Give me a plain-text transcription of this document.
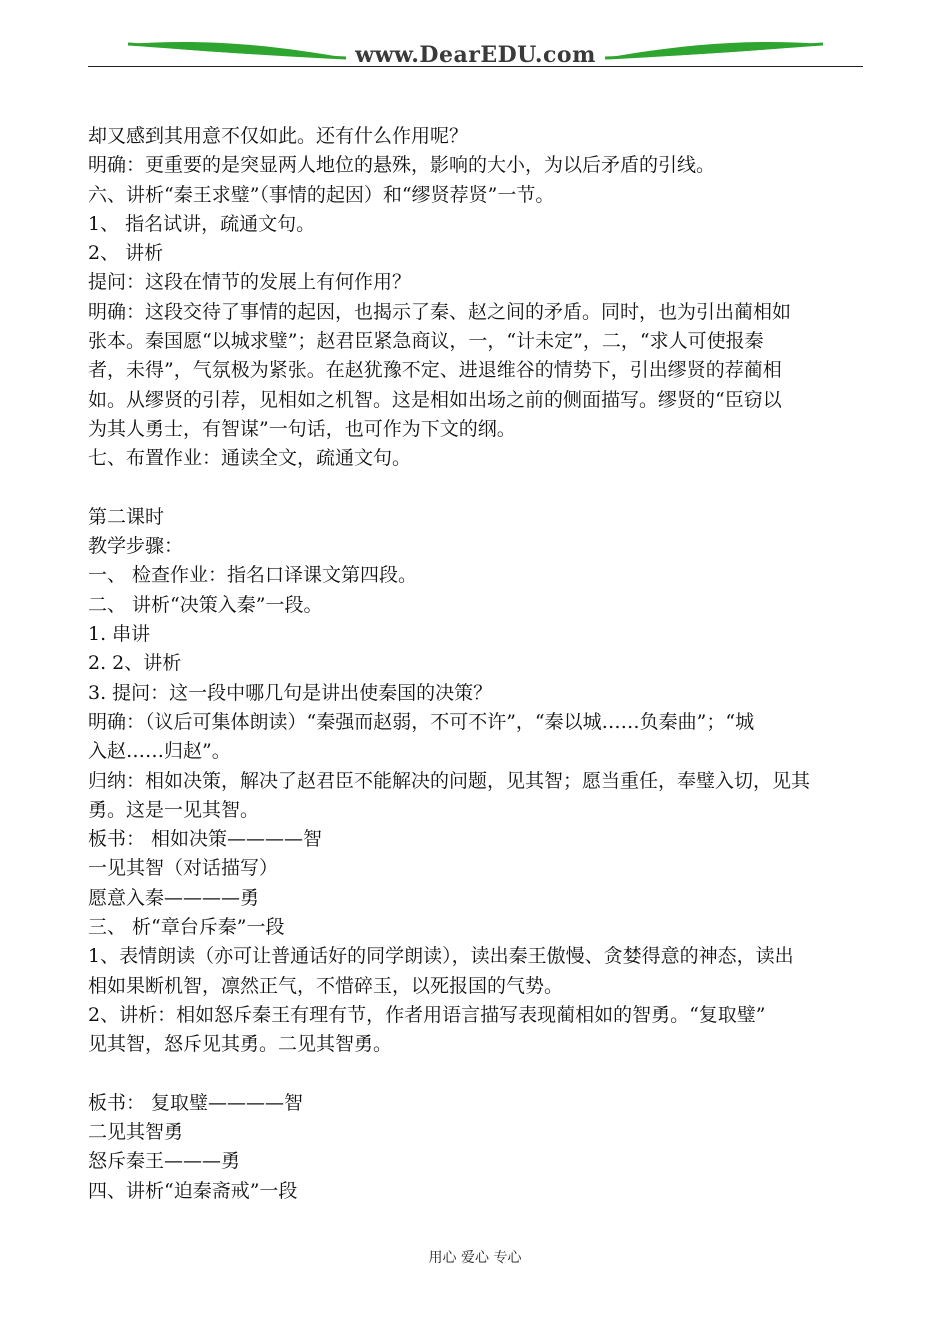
www.DearEDU.com
却又感到其用意不仅如此。还有什么作用呢？
明确：更重要的是突显两人地位的悬殊，影响的大小，为以后矛盾的引线。
六、讲析“秦王求璧”（事情的起因）和“缪贤荐贤”一节。
1、 指名试讲，疏通文句。
2、 讲析
提问：这段在情节的发展上有何作用？
明确：这段交待了事情的起因，也揭示了秦、赵之间的矛盾。同时，也为引出蔺相如
张本。秦国愿“以城求璧”；赵君臣紧急商议，一，“计未定”，二，“求人可使报秦
者，未得”，气氛极为紧张。在赵犹豫不定、进退维谷的情势下，引出缪贤的荐蔺相
如。从缪贤的引荐，见相如之机智。这是相如出场之前的侧面描写。缪贤的“臣窃以
为其人勇士，有智谋”一句话，也可作为下文的纲。
七、布置作业：通读全文，疏通文句。
第二课时
教学步骤：
一、 检查作业：指名口译课文第四段。
二、 讲析“决策入秦”一段。
1. 串讲
2. 2、讲析
3. 提问：这一段中哪几句是讲出使秦国的决策？
明确：（议后可集体朗读）“秦强而赵弱，不可不许”，“秦以城……负秦曲”；“城
入赵……归赵”。
归纳：相如决策，解决了赵君臣不能解决的问题，见其智；愿当重任，奉璧入切，见其
勇。这是一见其智。
板书： 相如决策————智
一见其智（对话描写）
愿意入秦————勇
三、 析“章台斥秦”一段
1、表情朗读（亦可让普通话好的同学朗读），读出秦王傲慢、贪婪得意的神态，读出
相如果断机智，凛然正气，不惜碎玉，以死报国的气势。
2、讲析：相如怒斥秦王有理有节，作者用语言描写表现蔺相如的智勇。“复取璧”
见其智，怒斥见其勇。二见其智勇。
板书： 复取璧————智
二见其智勇
怒斥秦王———勇
四、讲析“迫秦斋戒”一段
用心 爱心 专心
